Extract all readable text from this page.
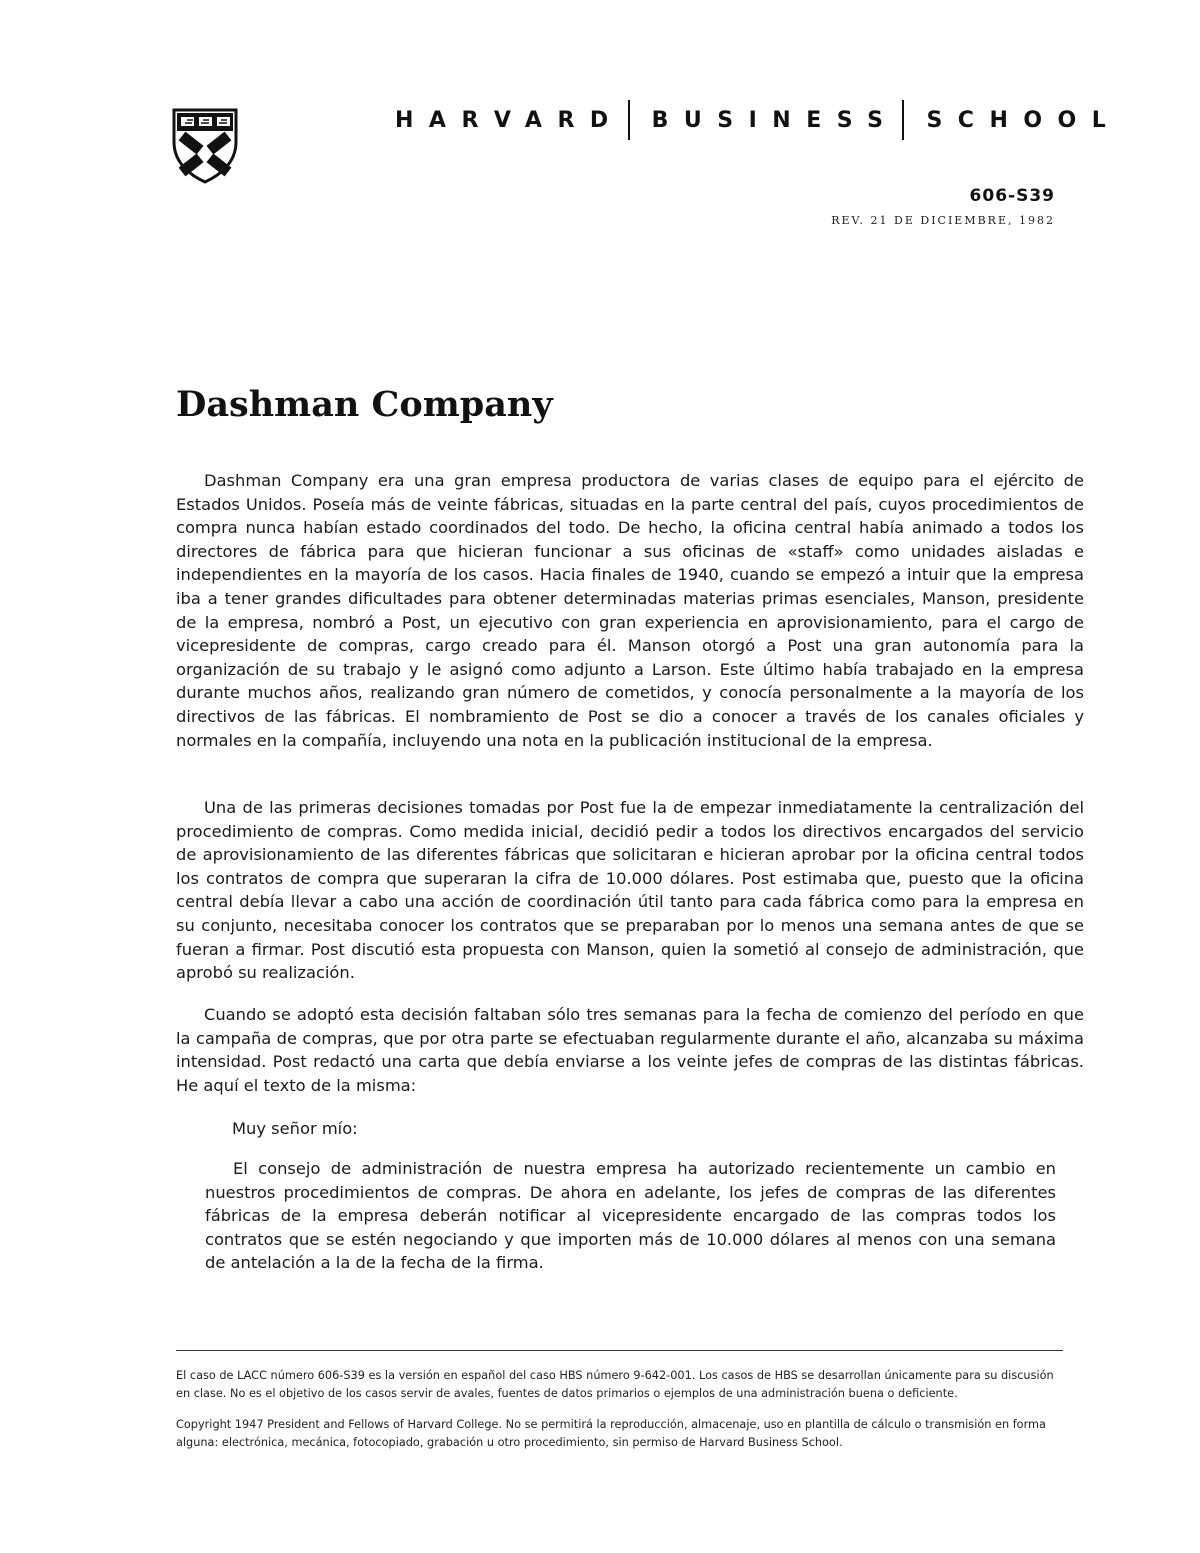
HARVARD BUSINESS SCHOOL
606-S39
REV. 21 DE DICIEMBRE, 1982
Dashman Company

Dashman Company era una gran empresa productora de varias clases de equipo para el ejército de Estados Unidos. Poseía más de veinte fábricas, situadas en la parte central del país, cuyos procedimientos de compra nunca habían estado coordinados del todo. De hecho, la oficina central había animado a todos los directores de fábrica para que hicieran funcionar a sus oficinas de «staff» como unidades aisladas e independientes en la mayoría de los casos. Hacia finales de 1940, cuando se empezó a intuir que la empresa iba a tener grandes dificultades para obtener determinadas materias primas esenciales, Manson, presidente de la empresa, nombró a Post, un ejecutivo con gran experiencia en aprovisionamiento, para el cargo de vicepresidente de compras, cargo creado para él. Manson otorgó a Post una gran autonomía para la organización de su trabajo y le asignó como adjunto a Larson. Este último había trabajado en la empresa durante muchos años, realizando gran número de cometidos, y conocía personalmente a la mayoría de los directivos de las fábricas. El nombramiento de Post se dio a conocer a través de los canales oficiales y normales en la compañía, incluyendo una nota en la publicación institucional de la empresa.

Una de las primeras decisiones tomadas por Post fue la de empezar inmediatamente la centralización del procedimiento de compras. Como medida inicial, decidió pedir a todos los directivos encargados del servicio de aprovisionamiento de las diferentes fábricas que solicitaran e hicieran aprobar por la oficina central todos los contratos de compra que superaran la cifra de 10.000 dólares. Post estimaba que, puesto que la oficina central debía llevar a cabo una acción de coordinación útil tanto para cada fábrica como para la empresa en su conjunto, necesitaba conocer los contratos que se preparaban por lo menos una semana antes de que se fueran a firmar. Post discutió esta propuesta con Manson, quien la sometió al consejo de administración, que aprobó su realización.

Cuando se adoptó esta decisión faltaban sólo tres semanas para la fecha de comienzo del período en que la campaña de compras, que por otra parte se efectuaban regularmente durante el año, alcanzaba su máxima intensidad. Post redactó una carta que debía enviarse a los veinte jefes de compras de las distintas fábricas. He aquí el texto de la misma:

Muy señor mío:

El consejo de administración de nuestra empresa ha autorizado recientemente un cambio en nuestros procedimientos de compras. De ahora en adelante, los jefes de compras de las diferentes fábricas de la empresa deberán notificar al vicepresidente encargado de las compras todos los contratos que se estén negociando y que importen más de 10.000 dólares al menos con una semana de antelación a la de la fecha de la firma.

El caso de LACC número 606-S39 es la versión en español del caso HBS número 9-642-001. Los casos de HBS se desarrollan únicamente para su discusión en clase. No es el objetivo de los casos servir de avales, fuentes de datos primarios o ejemplos de una administración buena o deficiente.

Copyright 1947 President and Fellows of Harvard College. No se permitirá la reproducción, almacenaje, uso en plantilla de cálculo o transmisión en forma alguna: electrónica, mecánica, fotocopiado, grabación u otro procedimiento, sin permiso de Harvard Business School.
